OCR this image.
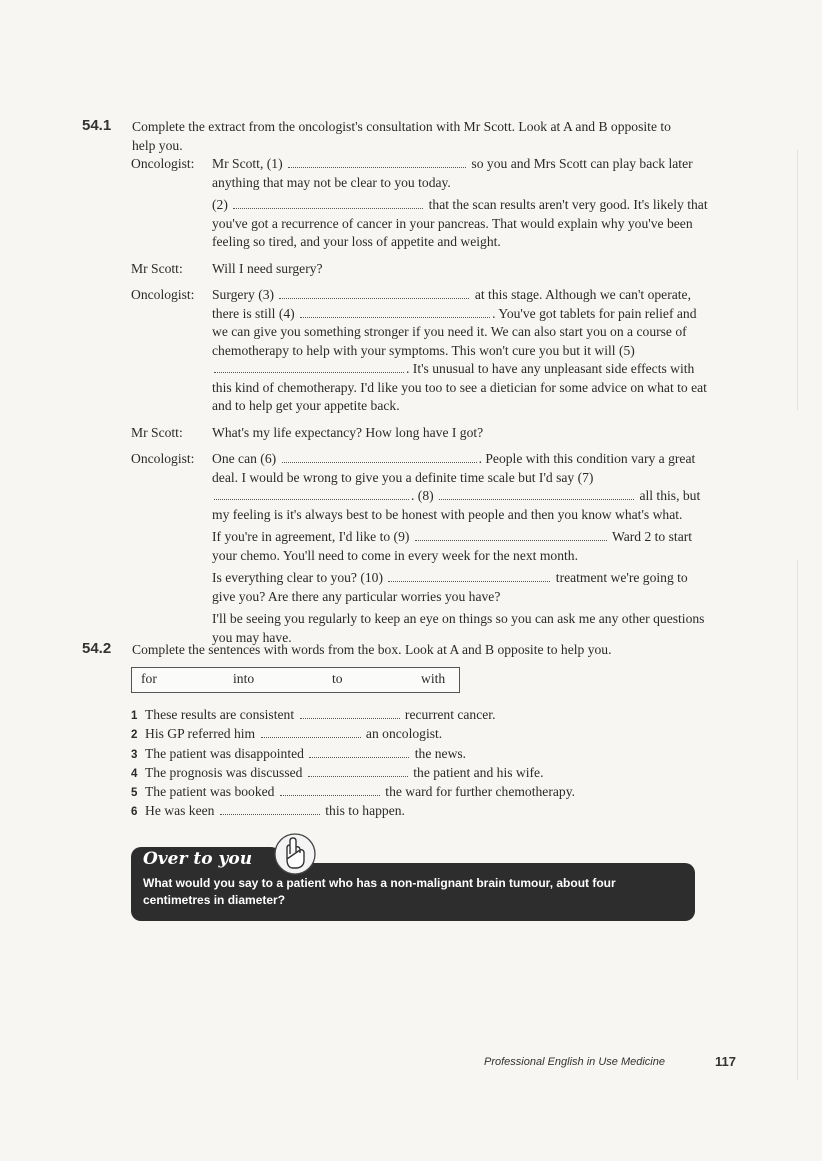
54.1 Complete the extract from the oncologist's consultation with Mr Scott. Look at A and B opposite to help you.
Oncologist:	Mr Scott, (1)	so you and Mrs Scott can play back later anything that may not be clear to you today.

(2)	that the scan results aren't very good. It's likely that you've got a recurrence of cancer in your pancreas. That would explain why you've been feeling so tired, and your loss of appetite and weight.

Mr Scott:	Will I need surgery?

Oncologist:	Surgery (3)	at this stage. Although we can't operate, there is still (4)	. You've got tablets for pain relief and we can give you something stronger if you need it. We can also start you on a course of chemotherapy to help with your symptoms. This won't cure you but it will (5) . It's unusual to have any unpleasant side effects with this kind of chemotherapy. I'd like you too to see a dietician for some advice on what to eat and to help get your appetite back.

Mr Scott:	What's my life expectancy? How long have I got?

Oncologist:	One can (6)	. People with this condition vary a great deal. I would be wrong to give you a definite time scale but I'd say (7) . (8)	all this, but my feeling is it's always best to be honest with people and then you know what's what.

If you're in agreement, I'd like to (9)	Ward 2 to start your chemo. You'll need to come in every week for the next month.

Is everything clear to you? (10)	treatment we're going to give you? Are there any particular worries you have?

I'll be seeing you regularly to keep an eye on things so you can ask me any other questions you may have.

54.2 Complete the sentences with words from the box. Look at A and B opposite to help you.
for	into	to	with
1 These results are consistent	recurrent cancer.
2 His GP referred him	an oncologist.
3 The patient was disappointed	the news.
4 The prognosis was discussed	the patient and his wife.
5 The patient was booked	the ward for further chemotherapy.
6 He was keen	this to happen.
What would you say to a patient who has a non-malignant brain tumour, about four centimetres in diameter?
Over to you
Professional English in Use Medicine	117
